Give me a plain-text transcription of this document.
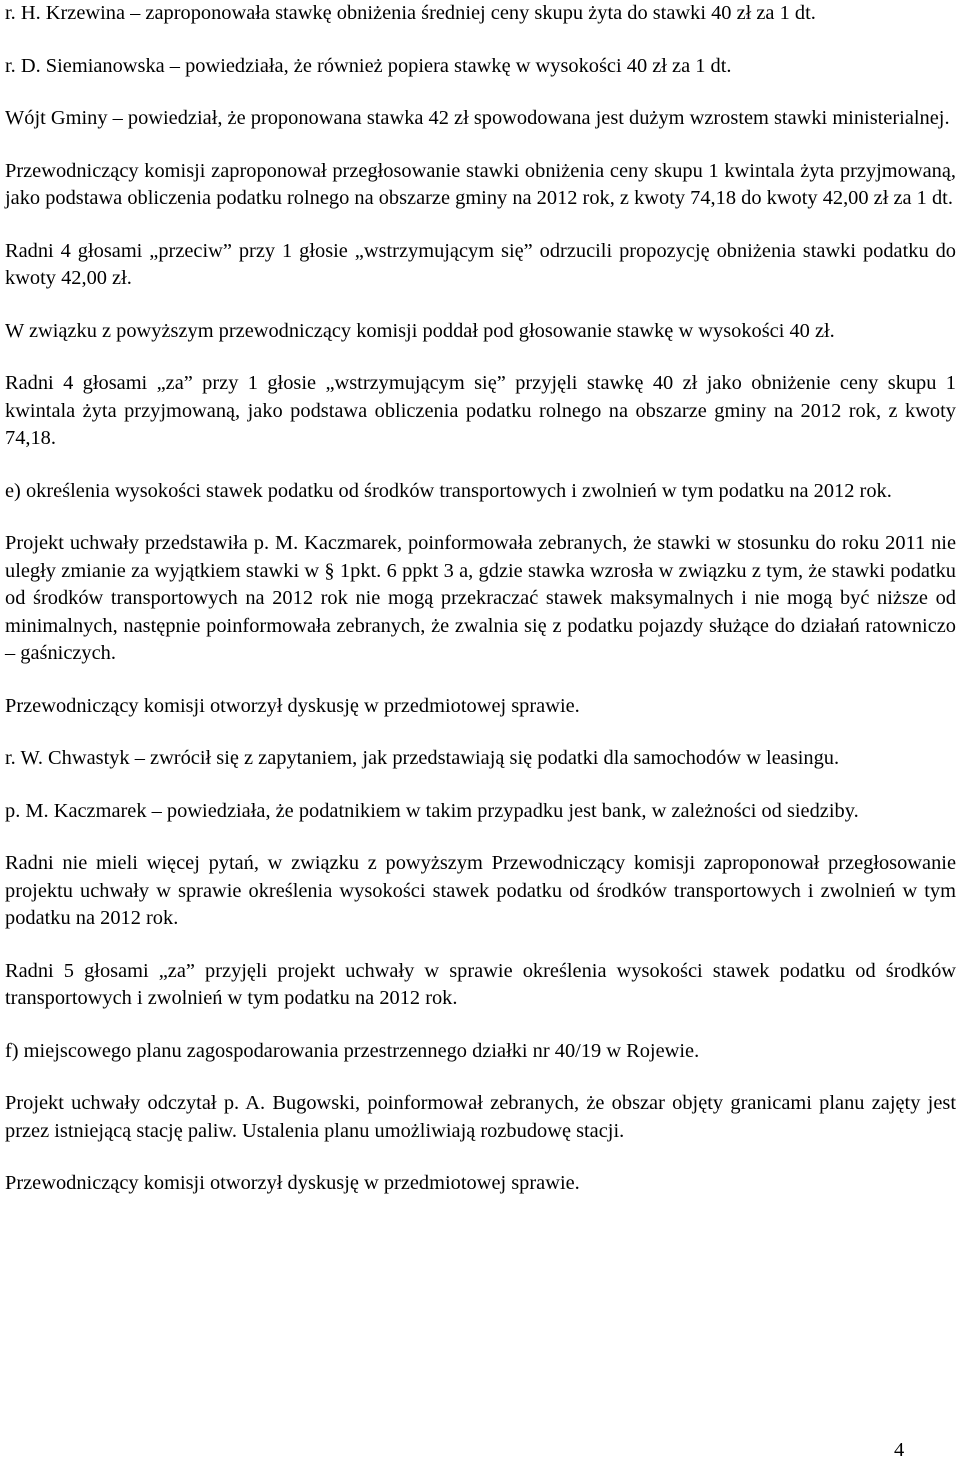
r. H. Krzewina – zaproponowała stawkę obniżenia średniej ceny skupu żyta do stawki 40 zł za 1 dt.

r. D. Siemianowska – powiedziała, że również popiera stawkę w wysokości 40 zł za 1 dt.

Wójt Gminy – powiedział, że proponowana stawka 42 zł spowodowana jest dużym wzrostem stawki ministerialnej.

Przewodniczący komisji zaproponował przegłosowanie stawki obniżenia ceny skupu 1 kwintala żyta przyjmowaną, jako podstawa obliczenia podatku rolnego na obszarze gminy na 2012 rok, z kwoty 74,18 do kwoty 42,00 zł za 1 dt.

Radni 4 głosami „przeciw” przy 1 głosie „wstrzymującym się” odrzucili propozycję obniżenia stawki podatku do kwoty 42,00 zł.

W związku z powyższym przewodniczący komisji poddał pod głosowanie stawkę w wysokości 40 zł.

Radni 4 głosami „za” przy 1 głosie „wstrzymującym się” przyjęli stawkę 40 zł jako obniżenie ceny skupu 1 kwintala żyta przyjmowaną, jako podstawa obliczenia podatku rolnego na obszarze gminy na 2012 rok, z kwoty 74,18.

e) określenia wysokości stawek podatku od środków transportowych i zwolnień w tym podatku na 2012 rok.

Projekt uchwały przedstawiła p. M. Kaczmarek, poinformowała zebranych, że stawki w stosunku do roku 2011 nie uległy zmianie za wyjątkiem stawki w § 1pkt. 6 ppkt 3 a, gdzie stawka wzrosła w związku z tym, że stawki podatku od środków transportowych na 2012 rok nie mogą przekraczać stawek maksymalnych i nie mogą być niższe od minimalnych, następnie poinformowała zebranych, że zwalnia się z podatku pojazdy służące do działań ratowniczo – gaśniczych.

Przewodniczący komisji otworzył dyskusję w przedmiotowej sprawie.

r. W. Chwastyk – zwrócił się z zapytaniem, jak przedstawiają się podatki dla samochodów w leasingu.

p. M. Kaczmarek – powiedziała, że podatnikiem w takim przypadku jest bank, w zależności od siedziby.

Radni nie mieli więcej pytań, w związku z powyższym Przewodniczący komisji zaproponował przegłosowanie projektu uchwały w sprawie określenia wysokości stawek podatku od środków transportowych i zwolnień w tym podatku na 2012 rok.

Radni 5 głosami „za” przyjęli projekt uchwały w sprawie określenia wysokości stawek podatku od środków transportowych i zwolnień w tym podatku na 2012 rok.

f) miejscowego planu zagospodarowania przestrzennego działki nr 40/19 w Rojewie.

Projekt uchwały odczytał p. A. Bugowski, poinformował zebranych, że obszar objęty granicami planu zajęty jest przez istniejącą stację paliw. Ustalenia planu umożliwiają rozbudowę stacji.

Przewodniczący komisji otworzył dyskusję w przedmiotowej sprawie.

4
